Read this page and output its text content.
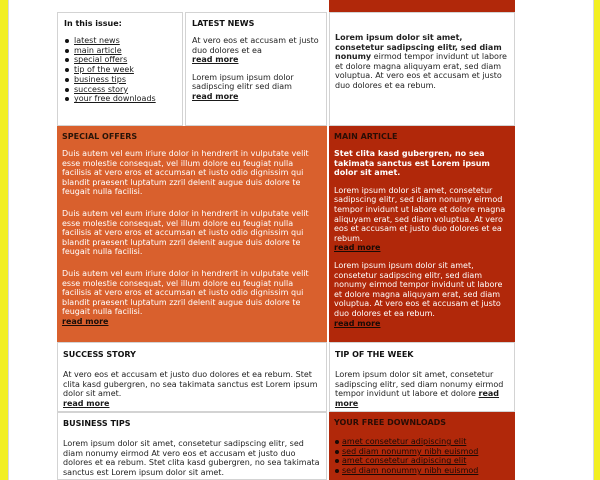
In this issue:
latest news
main article
special offers
tip of the week
business tips
success story
your free downloads
LATEST NEWS

At vero eos et accusam et justo duo dolores et ea
read more

Lorem ipsum ipsum dolor sadipscing elitr sed diam
read more

Lorem ipsum dolor sit amet, consetetur sadipscing elitr, sed diam nonumy eirmod tempor invidunt ut labore et dolore magna aliquyam erat, sed diam voluptua. At vero eos et accusam et justo duo dolores et ea rebum.

SPECIAL OFFERS

Duis autem vel eum iriure dolor in hendrerit in vulputate velit esse molestie consequat, vel illum dolore eu feugiat nulla facilisis at vero eros et accumsan et iusto odio dignissim qui blandit praesent luptatum zzril delenit augue duis dolore te feugait nulla facilisi.

Duis autem vel eum iriure dolor in hendrerit in vulputate velit esse molestie consequat, vel illum dolore eu feugiat nulla facilisis at vero eros et accumsan et iusto odio dignissim qui blandit praesent luptatum zzril delenit augue duis dolore te feugait nulla facilisi.

Duis autem vel eum iriure dolor in hendrerit in vulputate velit esse molestie consequat, vel illum dolore eu feugiat nulla facilisis at vero eros et accumsan et iusto odio dignissim qui blandit praesent luptatum zzril delenit augue duis dolore te feugait nulla facilisi.

read more
MAIN ARTICLE

Stet clita kasd gubergren, no sea takimata sanctus est Lorem ipsum dolor sit amet.

Lorem ipsum dolor sit amet, consetetur sadipscing elitr, sed diam nonumy eirmod tempor invidunt ut labore et dolore magna aliquyam erat, sed diam voluptua. At vero eos et accusam et justo duo dolores et ea rebum.
read more

Lorem ipsum ipsum dolor sit amet, consetetur sadipscing elitr, sed diam nonumy eirmod tempor invidunt ut labore et dolore magna aliquyam erat, sed diam voluptua. At vero eos et accusam et justo duo dolores et ea rebum.
read more

SUCCESS STORY

At vero eos et accusam et justo duo dolores et ea rebum. Stet clita kasd gubergren, no sea takimata sanctus est Lorem ipsum dolor sit amet.
read more

TIP OF THE WEEK

Lorem ipsum dolor sit amet, consetetur sadipscing elitr, sed diam nonumy eirmod tempor invidunt ut labore et dolore read more

BUSINESS TIPS

Lorem ipsum dolor sit amet, consetetur sadipscing elitr, sed diam nonumy eirmod At vero eos et accusam et justo duo dolores et ea rebum. Stet clita kasd gubergren, no sea takimata sanctus est Lorem ipsum dolor sit amet.

YOUR FREE DOWNLOADS
amet consetetur adipiscing elit
sed diam nonummy nibh euismod
amet consetetur adipiscing elit
sed diam nonummy nibh euismod
